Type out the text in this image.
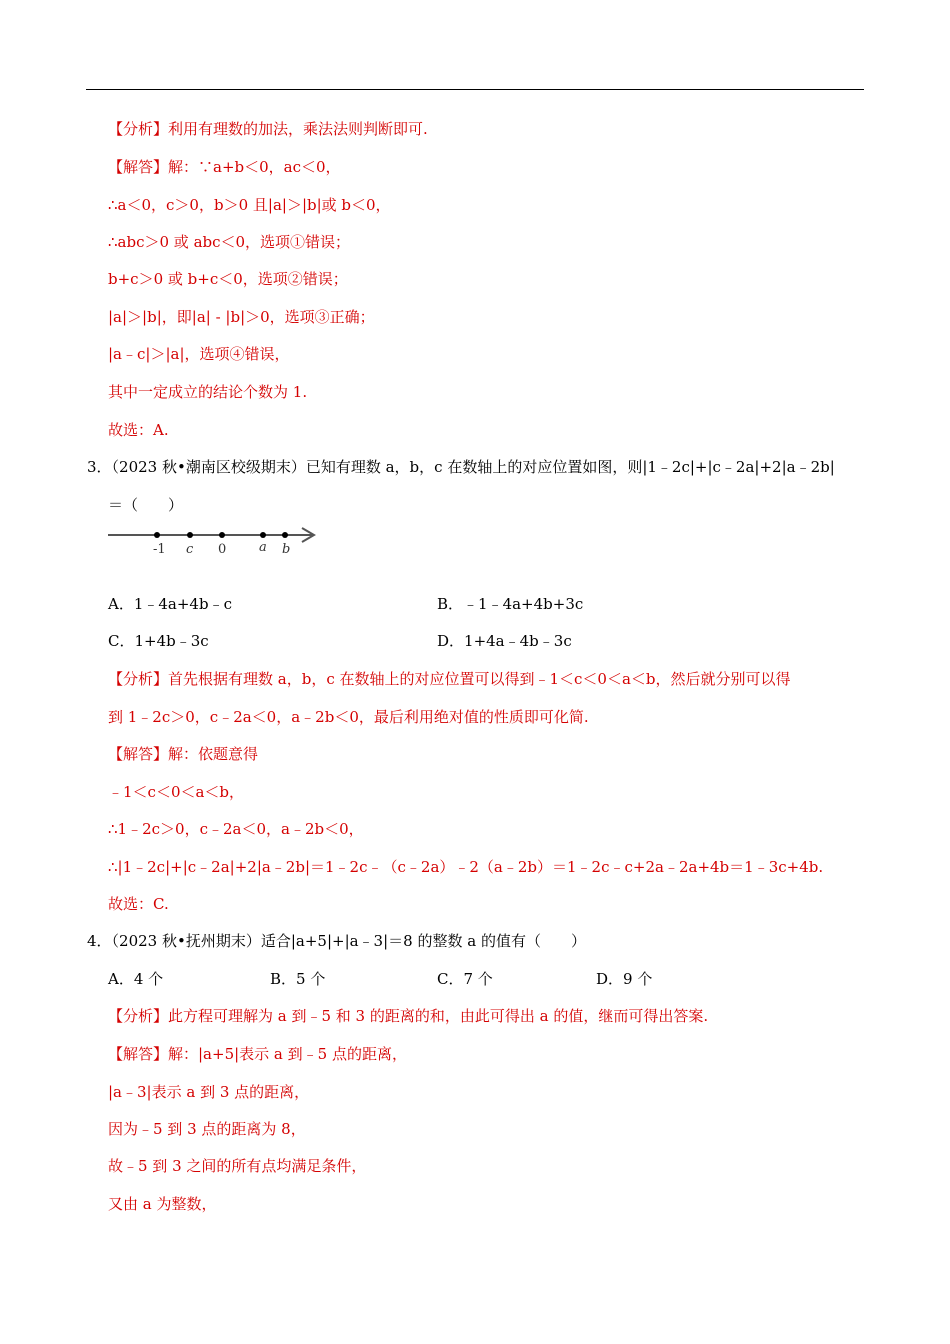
【分析】利用有理数的加法，乘法法则判断即可.
【解答】解：∵a+b＜0，ac＜0，
∴a＜0，c＞0，b＞0 且|a|＞|b|或 b＜0，
∴abc＞0 或 abc＜0，选项①错误；
b+c＞0 或 b+c＜0，选项②错误；
|a|＞|b|，即|a| - |b|＞0，选项③正确；
|a﹣c|＞|a|，选项④错误，
其中一定成立的结论个数为 1.
故选：A.
3．（2023 秋•潮南区校级期末）已知有理数 a，b，c 在数轴上的对应位置如图，则|1﹣2c|+|c﹣2a|+2|a﹣2b|
＝（　　）
-1 c 0	a b
A．1﹣4a+4b﹣c	B．﹣1﹣4a+4b+3c
C．1+4b﹣3c	D．1+4a﹣4b﹣3c
【分析】首先根据有理数 a，b，c 在数轴上的对应位置可以得到﹣1＜c＜0＜a＜b，然后就分别可以得
到 1﹣2c＞0，c﹣2a＜0，a﹣2b＜0，最后利用绝对值的性质即可化简.
【解答】解：依题意得
﹣1＜c＜0＜a＜b，
∴1﹣2c＞0，c﹣2a＜0，a﹣2b＜0，
∴|1﹣2c|+|c﹣2a|+2|a﹣2b|＝1﹣2c﹣（c﹣2a）﹣2（a﹣2b）＝1﹣2c﹣c+2a﹣2a+4b＝1﹣3c+4b.
故选：C.
4．（2023 秋•抚州期末）适合|a+5|+|a﹣3|＝8 的整数 a 的值有（　　）
A．4 个	B．5 个	C．7 个	D．9 个
【分析】此方程可理解为 a 到﹣5 和 3 的距离的和，由此可得出 a 的值，继而可得出答案.
【解答】解：|a+5|表示 a 到﹣5 点的距离，
|a﹣3|表示 a 到 3 点的距离，
因为﹣5 到 3 点的距离为 8，
故﹣5 到 3 之间的所有点均满足条件，
又由 a 为整数，
